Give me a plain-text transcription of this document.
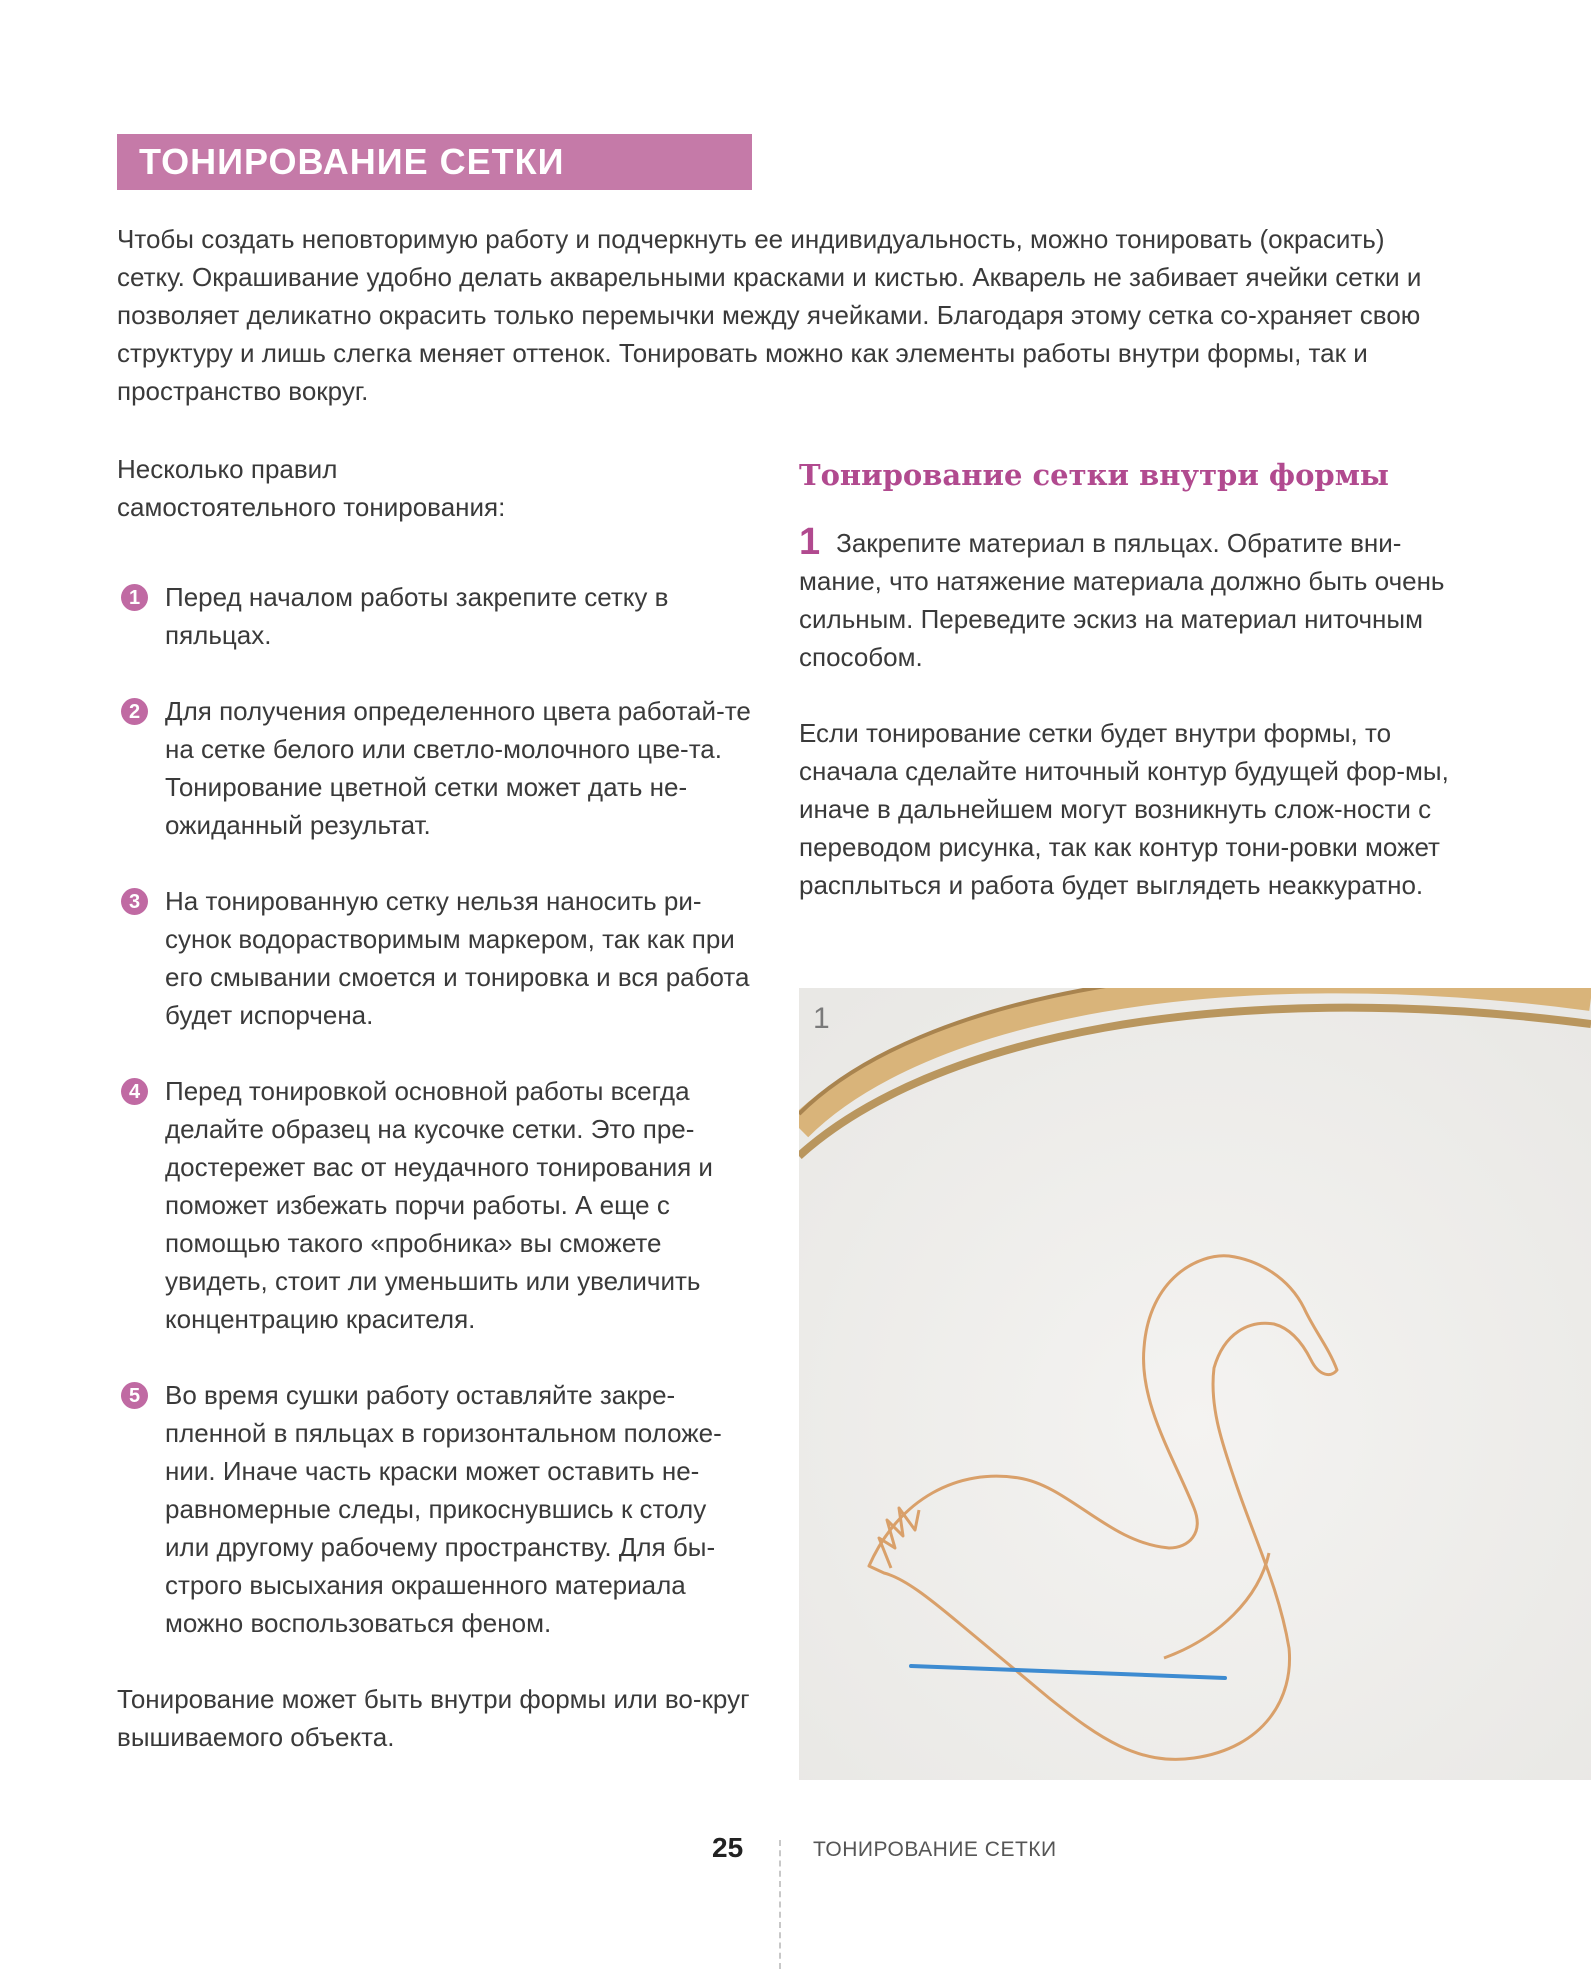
ТОНИРОВАНИЕ СЕТКИ

Чтобы создать неповторимую работу и подчеркнуть ее индивидуальность, можно тонировать (окрасить) сетку. Окрашивание удобно делать акварельными красками и кистью. Акварель не забивает ячейки сетки и позволяет деликатно окрасить только перемычки между ячейками. Благодаря этому сетка со-храняет свою структуру и лишь слегка меняет оттенок. Тонировать можно как элементы работы внутри формы, так и пространство вокруг.

Несколько правил самостоятельного тонирования:

1 Перед началом работы закрепите сетку в пяльцах.
2 Для получения определенного цвета работай-те на сетке белого или светло-молочного цве-та. Тонирование цветной сетки может дать не-ожиданный результат.
3 На тонированную сетку нельзя наносить ри-сунок водорастворимым маркером, так как при его смывании смоется и тонировка и вся работа будет испорчена.
4 Перед тонировкой основной работы всегда делайте образец на кусочке сетки. Это пре-достережет вас от неудачного тонирования и поможет избежать порчи работы. А еще с помощью такого «пробника» вы сможете увидеть, стоит ли уменьшить или увеличить концентрацию красителя.
5 Во время сушки работу оставляйте закре-пленной в пяльцах в горизонтальном положе-нии. Иначе часть краски может оставить не-равномерные следы, прикоснувшись к столу или другому рабочему пространству. Для бы-строго высыхания окрашенного материала можно воспользоваться феном.

Тонирование может быть внутри формы или во-круг вышиваемого объекта.

Тонирование сетки внутри формы

1 Закрепите материал в пяльцах. Обратите вни-мание, что натяжение материала должно быть очень сильным. Переведите эскиз на материал ниточным способом.

Если тонирование сетки будет внутри формы, то сначала сделайте ниточный контур будущей фор-мы, иначе в дальнейшем могут возникнуть слож-ности с переводом рисунка, так как контур тони-ровки может расплыться и работа будет выглядеть неаккуратно.

1
25	ТОНИРОВАНИЕ СЕТКИ
